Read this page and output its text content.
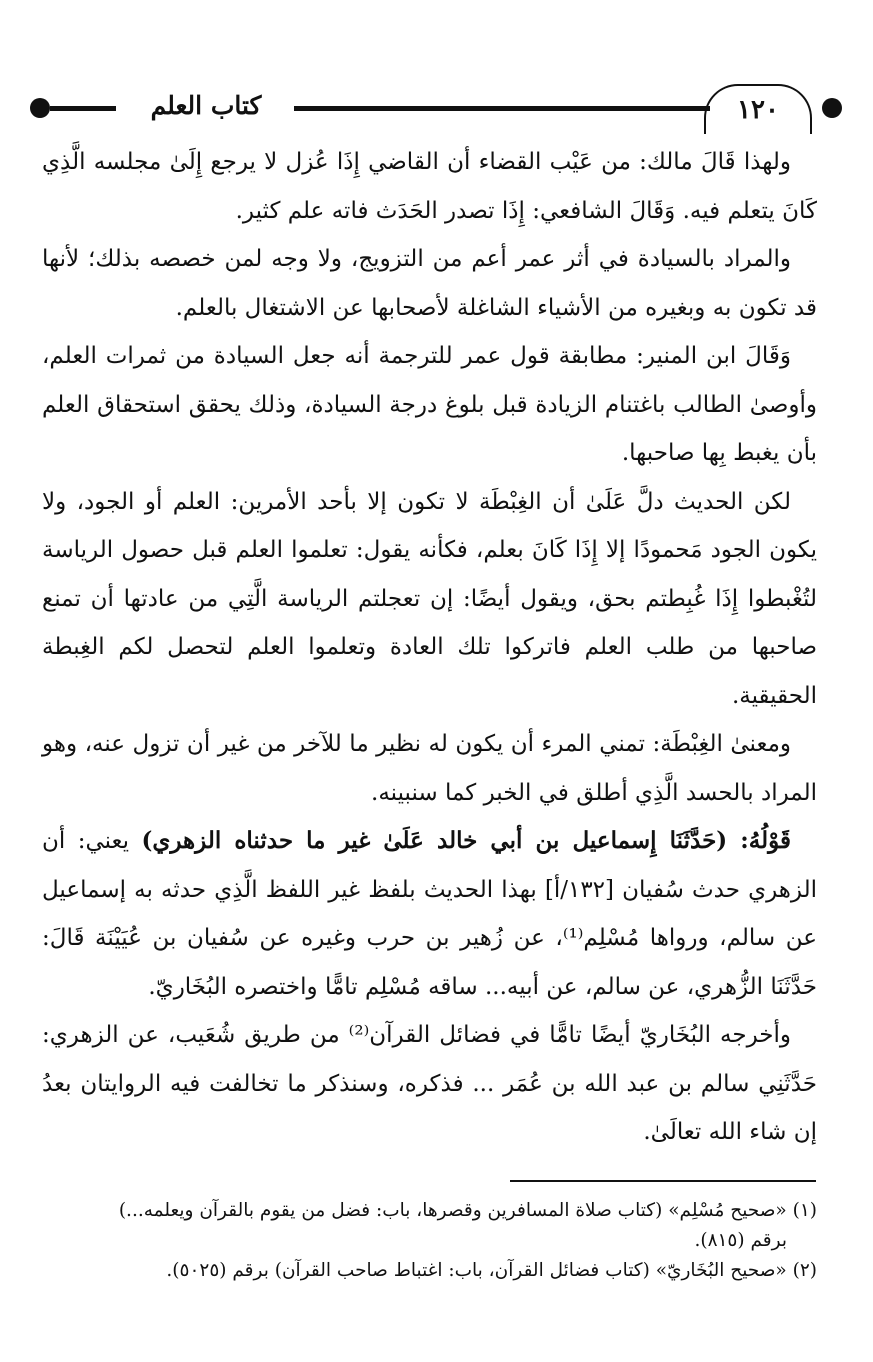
كتاب العلم	١٢٠

ولهذا قَالَ مالك: من عَيْب القضاء أن القاضي إِذَا عُزل لا يرجع إِلَىٰ مجلسه الَّذِي كَانَ يتعلم فيه. وَقَالَ الشافعي: إِذَا تصدر الحَدَث فاته علم كثير.

والمراد بالسيادة في أثر عمر أعم من التزويج، ولا وجه لمن خصصه بذلك؛ لأنها قد تكون به وبغيره من الأشياء الشاغلة لأصحابها عن الاشتغال بالعلم.

وَقَالَ ابن المنير: مطابقة قول عمر للترجمة أنه جعل السيادة من ثمرات العلم، وأوصىٰ الطالب باغتنام الزيادة قبل بلوغ درجة السيادة، وذلك يحقق استحقاق العلم بأن يغبط بِها صاحبها.

لكن الحديث دلَّ عَلَىٰ أن الغِبْطَة لا تكون إلا بأحد الأمرين: العلم أو الجود، ولا يكون الجود مَحمودًا إلا إِذَا كَانَ بعلم، فكأنه يقول: تعلموا العلم قبل حصول الرياسة لتُغْبطوا إِذَا غُبِطتم بحق، ويقول أيضًا: إن تعجلتم الرياسة الَّتِي من عادتها أن تمنع صاحبها من طلب العلم فاتركوا تلك العادة وتعلموا العلم لتحصل لكم الغِبطة الحقيقية.

ومعنىٰ الغِبْطَة: تمني المرء أن يكون له نظير ما للآخر من غير أن تزول عنه، وهو المراد بالحسد الَّذِي أطلق في الخبر كما سنبينه.

قَوْلُهُ: (حَدَّثَنَا إِسماعيل بن أبي خالد عَلَىٰ غير ما حدثناه الزهري) يعني: أن الزهري حدث سُفيان [١٣٢/أ] بهذا الحديث بلفظ غير اللفظ الَّذِي حدثه به إسماعيل عن سالم، ورواها مُسْلِم⁽¹⁾، عن زُهير بن حرب وغيره عن سُفيان بن عُيَيْنَة قَالَ: حَدَّثَنَا الزُّهري، عن سالم، عن أبيه... ساقه مُسْلِم تامًّا واختصره البُخَاريّ.

وأخرجه البُخَاريّ أيضًا تامًّا في فضائل القرآن⁽²⁾ من طريق شُعَيب، عن الزهري: حَدَّثَنِي سالم بن عبد الله بن عُمَر ... فذكره، وسنذكر ما تخالفت فيه الروايتان بعدُ إن شاء الله تعالَىٰ.

(١) «صحيح مُسْلِم» (كتاب صلاة المسافرين وقصرها، باب: فضل من يقوم بالقرآن ويعلمه...)

برقم (٨١٥).

(٢) «صحيح البُخَاريّ» (كتاب فضائل القرآن، باب: اغتباط صاحب القرآن) برقم (٥٠٢٥).
